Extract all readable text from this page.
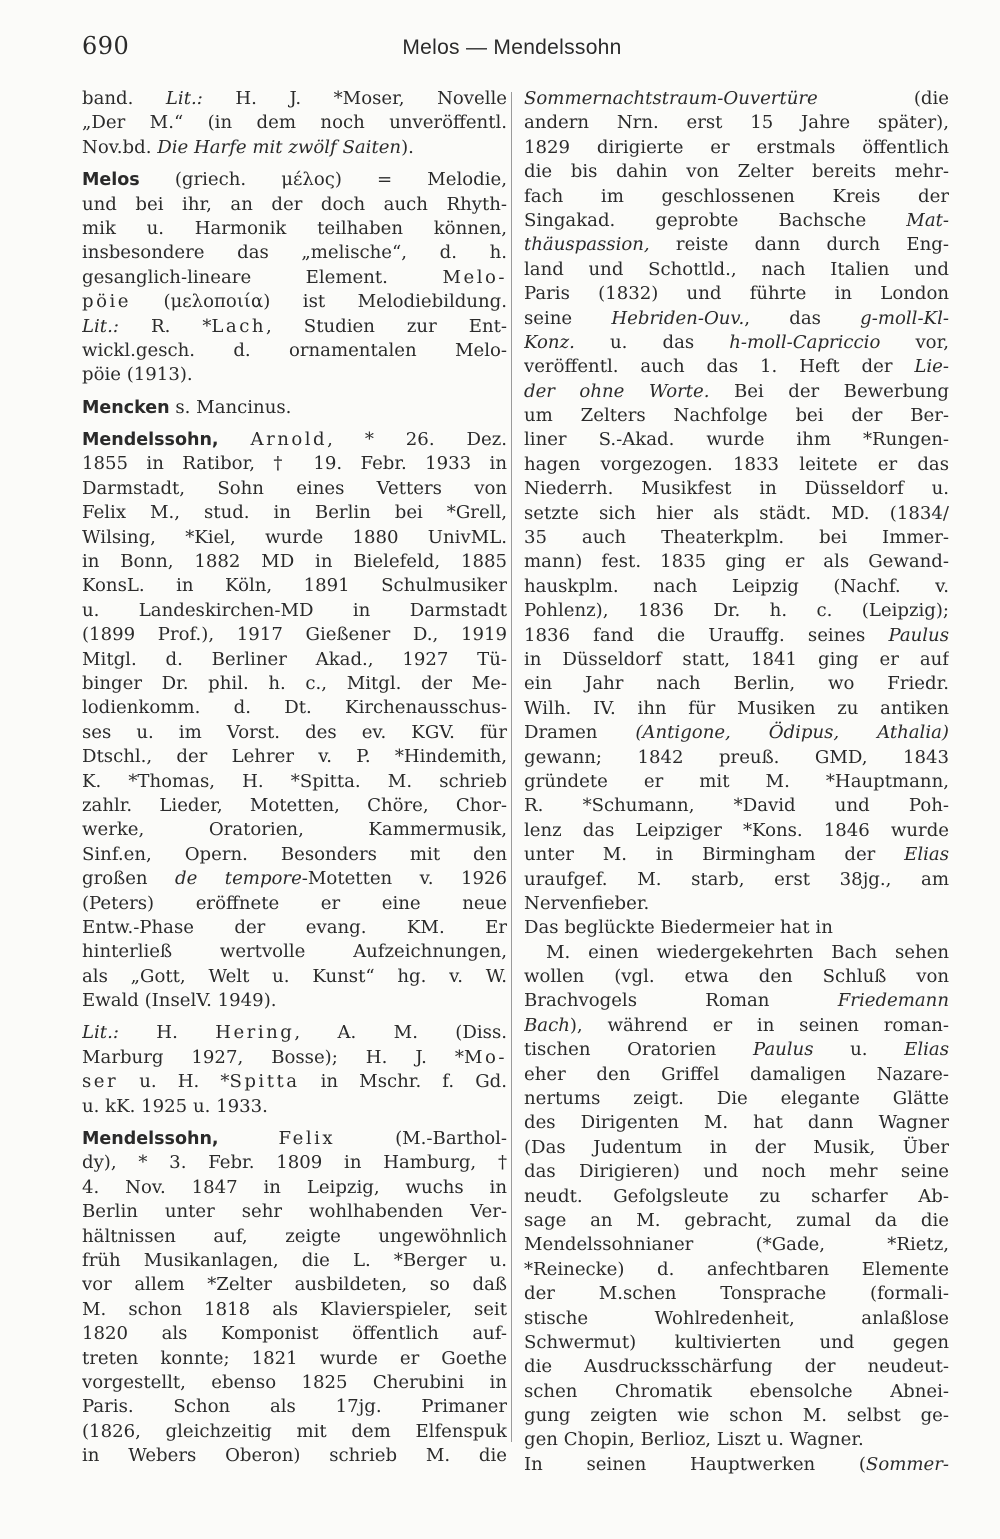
690	Melos — Mendelssohn
band. Lit.: H. J. *Moser, Novelle
„Der M.“ (in dem noch unveröffentl.
Nov.bd. Die Harfe mit zwölf Saiten).
Melos (griech. μέλος) = Melodie,
und bei ihr, an der doch auch Rhyth-
mik u. Harmonik teilhaben können,
insbesondere das „melische“, d. h.
gesanglich-lineare Element. Melo-
pöie (μελοποιία) ist Melodiebildung.
Lit.: R. *Lach, Studien zur Ent-
wickl.gesch. d. ornamentalen Melo-
pöie (1913).
Mencken s. Mancinus.
Mendelssohn, Arnold, * 26. Dez.
1855 in Ratibor, † 19. Febr. 1933 in
Darmstadt, Sohn eines Vetters von
Felix M., stud. in Berlin bei *Grell,
Wilsing, *Kiel, wurde 1880 UnivML.
in Bonn, 1882 MD in Bielefeld, 1885
KonsL. in Köln, 1891 Schulmusiker
u. Landeskirchen-MD in Darmstadt
(1899 Prof.), 1917 Gießener D., 1919
Mitgl. d. Berliner Akad., 1927 Tü-
binger Dr. phil. h. c., Mitgl. der Me-
lodienkomm. d. Dt. Kirchenausschus-
ses u. im Vorst. des ev. KGV. für
Dtschl., der Lehrer v. P. *Hindemith,
K. *Thomas, H. *Spitta. M. schrieb
zahlr. Lieder, Motetten, Chöre, Chor-
werke, Oratorien, Kammermusik,
Sinf.en, Opern. Besonders mit den
großen de tempore-Motetten v. 1926
(Peters) eröffnete er eine neue
Entw.-Phase der evang. KM. Er
hinterließ wertvolle Aufzeichnungen,
als „Gott, Welt u. Kunst“ hg. v. W.
Ewald (InselV. 1949).
Lit.: H. Hering, A. M. (Diss.
Marburg 1927, Bosse); H. J. *Mo-
ser u. H. *Spitta in Mschr. f. Gd.
u. kK. 1925 u. 1933.
Mendelssohn,	Felix (M.-Barthol-
dy), * 3. Febr. 1809 in Hamburg, †
4. Nov. 1847 in Leipzig, wuchs in
Berlin unter sehr wohlhabenden Ver-
hältnissen auf, zeigte ungewöhnlich
früh Musikanlagen, die L. *Berger u.
vor allem *Zelter ausbildeten, so daß
M. schon 1818 als Klavierspieler, seit
1820 als Komponist öffentlich auf-
treten konnte; 1821 wurde er Goethe
vorgestellt, ebenso 1825 Cherubini in
Paris. Schon als 17jg. Primaner
(1826, gleichzeitig mit dem Elfenspuk
in Webers Oberon) schrieb M. die
Sommernachtstraum-Ouvertüre (die
andern Nrn. erst 15 Jahre später),
1829 dirigierte er erstmals öffentlich
die bis dahin von Zelter bereits mehr-
fach im geschlossenen Kreis der
Singakad. geprobte Bachsche Mat-
thäuspassion, reiste dann durch Eng-
land und Schottld., nach Italien und
Paris (1832) und führte in London
seine Hebriden-Ouv., das g-moll-Kl-
Konz. u. das h-moll-Capriccio vor,
veröffentl. auch das 1. Heft der Lie-
der ohne Worte. Bei der Bewerbung
um Zelters Nachfolge bei der Ber-
liner S.-Akad. wurde ihm *Rungen-
hagen vorgezogen. 1833 leitete er das
Niederrh. Musikfest in Düsseldorf u.
setzte sich hier als städt. MD. (1834/
35 auch Theaterkplm. bei Immer-
mann) fest. 1835 ging er als Gewand-
hauskplm. nach Leipzig (Nachf. v.
Pohlenz), 1836 Dr. h. c. (Leipzig);
1836 fand die Urauffg. seines Paulus
in Düsseldorf statt, 1841 ging er auf
ein Jahr nach Berlin, wo Friedr.
Wilh. IV. ihn für Musiken zu antiken
Dramen (Antigone, Ödipus, Athalia)
gewann; 1842 preuß. GMD, 1843
gründete er mit M. *Hauptmann,
R. *Schumann, *David und Poh-
lenz das Leipziger *Kons. 1846 wurde
unter M. in Birmingham der Elias
uraufgef. M. starb, erst 38jg., am
Nervenfieber.
Das beglückte Biedermeier hat in
M. einen wiedergekehrten Bach sehen
wollen (vgl. etwa den Schluß von
Brachvogels Roman Friedemann
Bach), während er in seinen roman-
tischen Oratorien Paulus u. Elias
eher den Griffel damaligen Nazare-
nertums zeigt. Die elegante Glätte
des Dirigenten M. hat dann Wagner
(Das Judentum in der Musik, Über
das Dirigieren) und noch mehr seine
neudt. Gefolgsleute zu scharfer Ab-
sage an M. gebracht, zumal da die
Mendelssohnianer (*Gade, *Rietz,
*Reinecke) d. anfechtbaren Elemente
der M.schen Tonsprache (formali-
stische Wohlredenheit, anlaßlose
Schwermut) kultivierten und gegen
die Ausdrucksschärfung der neudeut-
schen Chromatik ebensolche Abnei-
gung zeigten wie schon M. selbst ge-
gen Chopin, Berlioz, Liszt u. Wagner.
In seinen Hauptwerken (Sommer-
